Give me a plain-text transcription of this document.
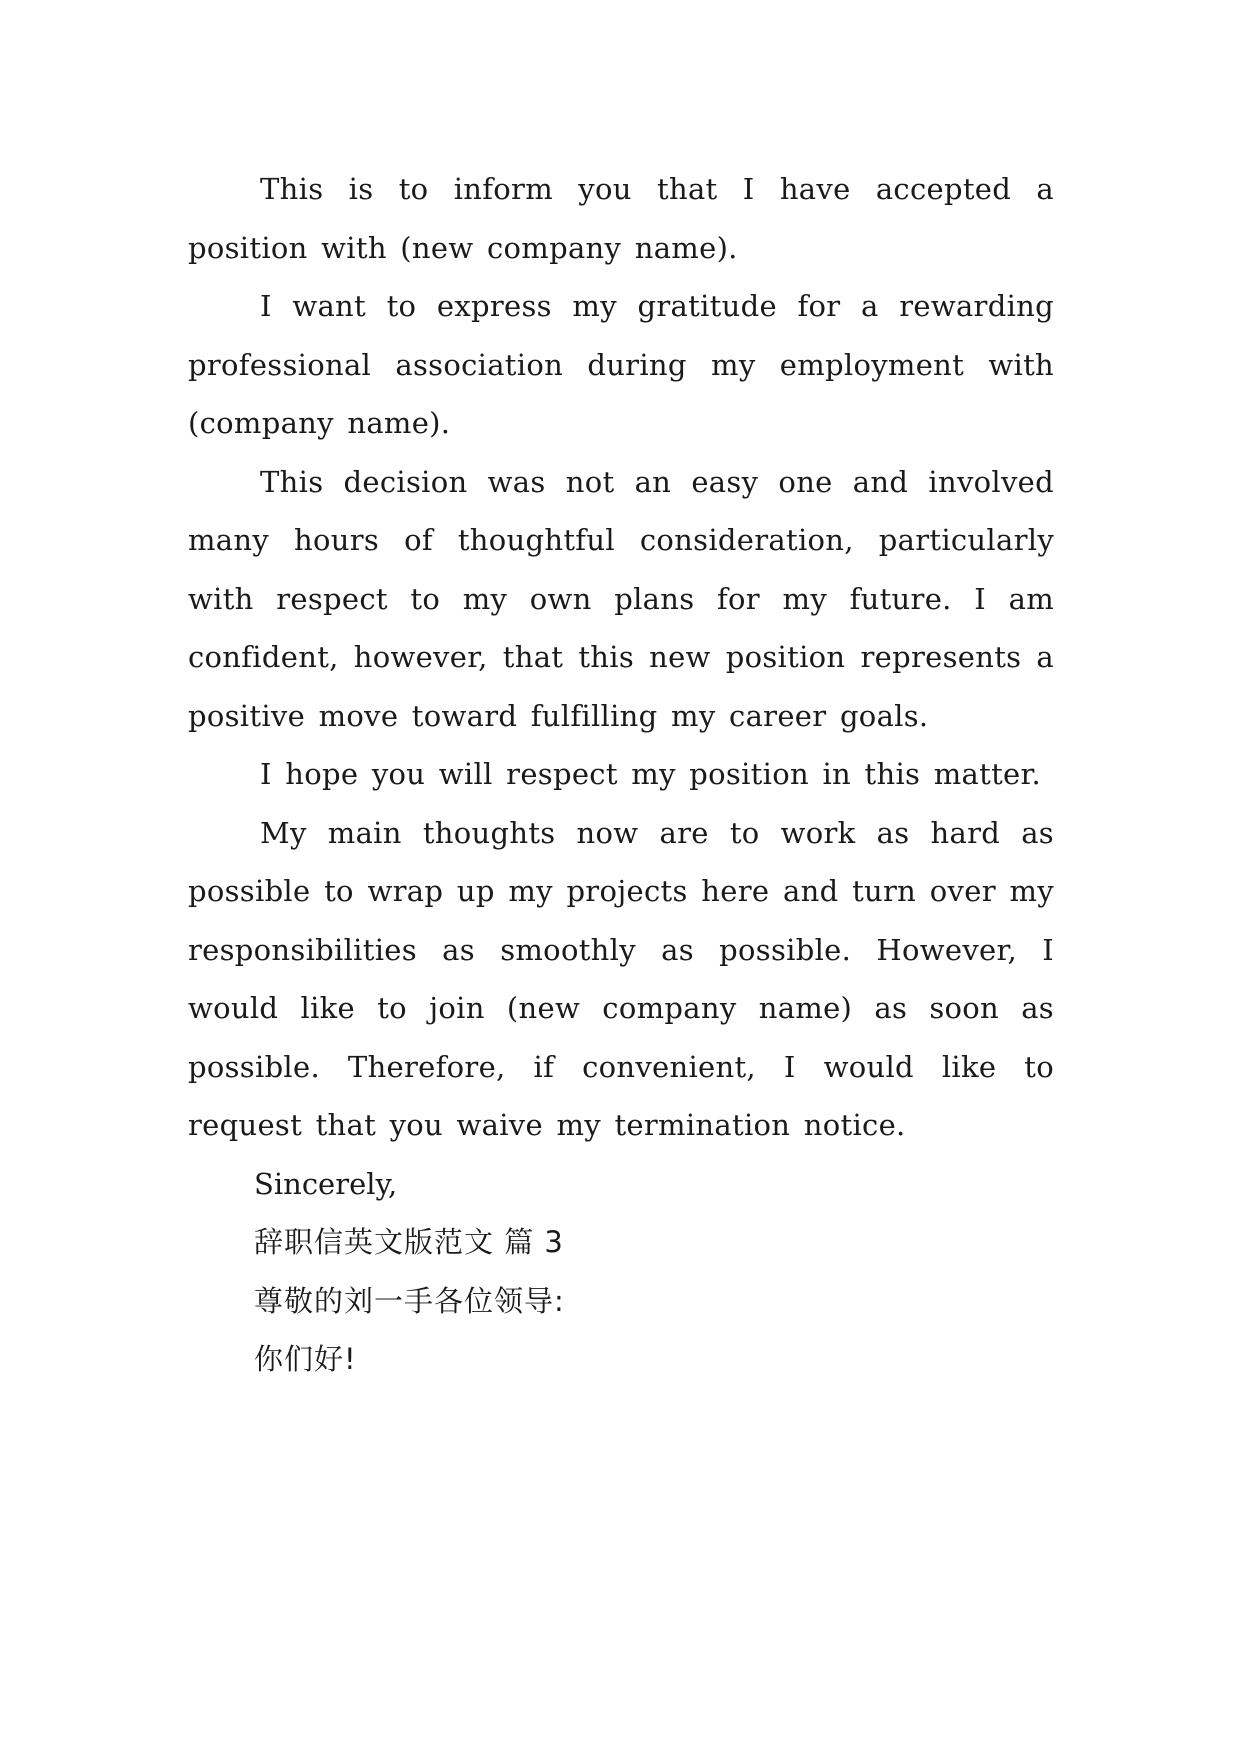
This is to inform you that I have accepted a position with (new company name).

I want to express my gratitude for a rewarding professional association during my employment with (company name).

This decision was not an easy one and involved many hours of thoughtful consideration, particularly with respect to my own plans for my future. I am confident, however, that this new position represents a positive move toward fulfilling my career goals.

I hope you will respect my position in this matter.

My main thoughts now are to work as hard as possible to wrap up my projects here and turn over my responsibilities as smoothly as possible. However, I would like to join (new company name) as soon as possible. Therefore, if convenient, I would like to request that you waive my termination notice.

Sincerely,

辞职信英文版范文 篇 3

尊敬的刘一手各位领导:

你们好!
